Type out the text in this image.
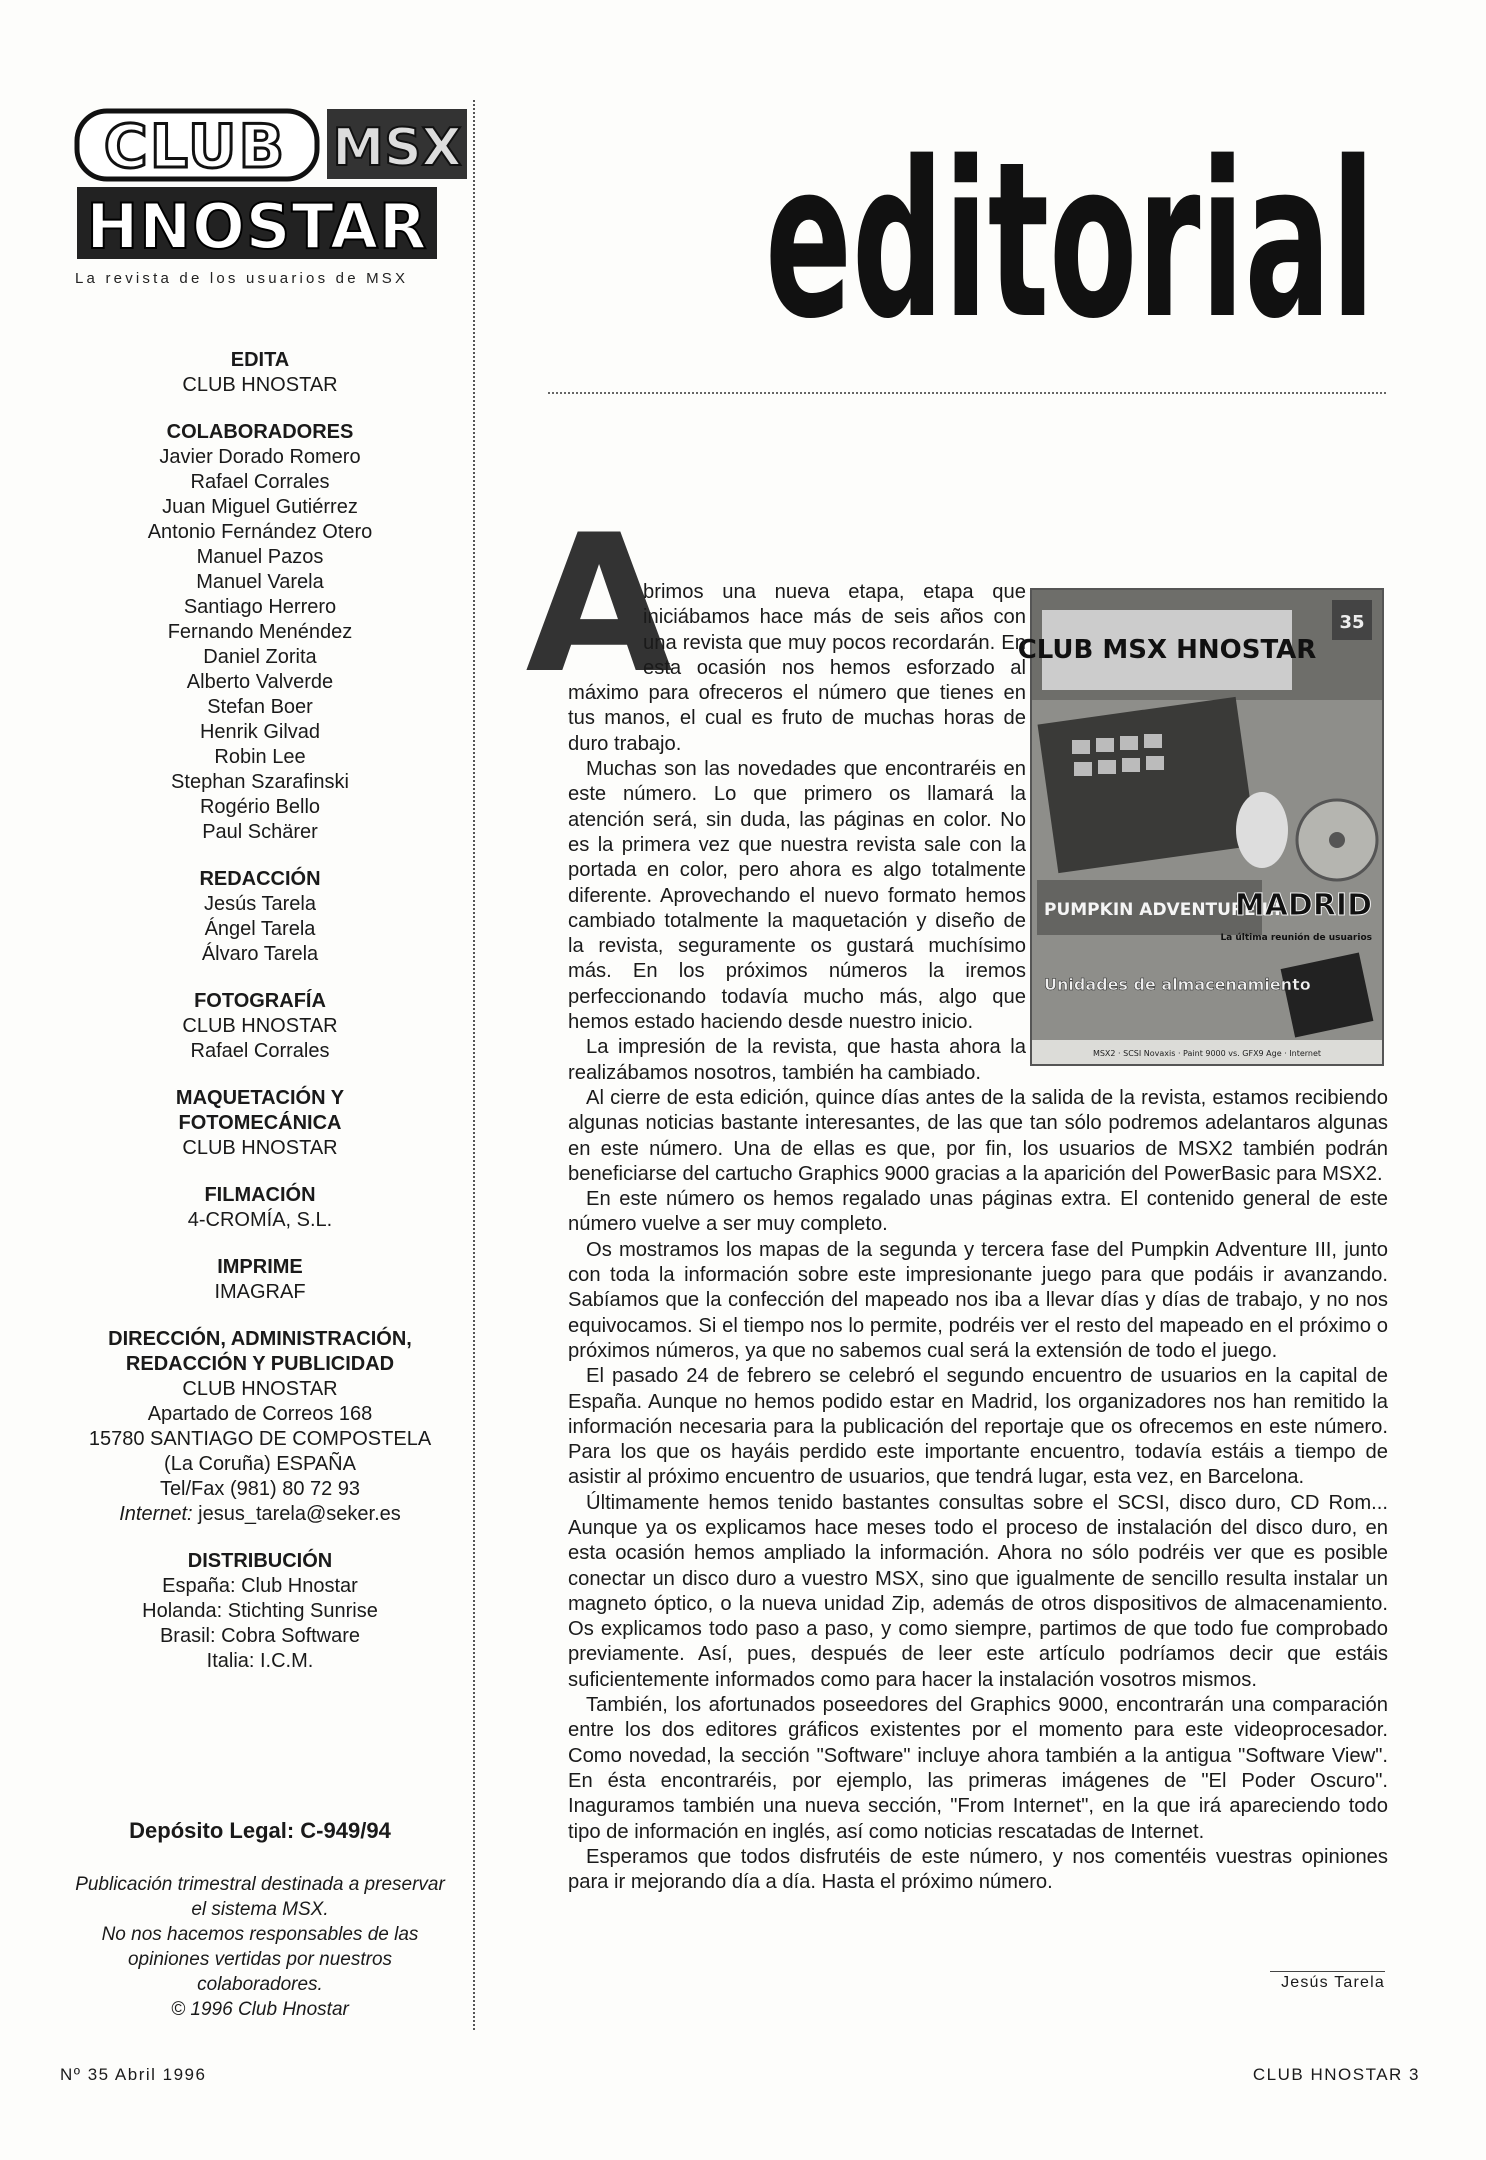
CLUB MSX
HNOSTAR
La revista de los usuarios de MSX editorial
EDITA
CLUB HNOSTAR
COLABORADORES
Javier Dorado Romero
Rafael Corrales
Juan Miguel Gutiérrez
Antonio Fernández Otero
Manuel Pazos
Manuel Varela
Santiago Herrero
Fernando Menéndez
Daniel Zorita
Alberto Valverde
Stefan Boer
Henrik Gilvad
Robin Lee
Stephan Szarafinski
Rogério Bello
Paul Schärer
REDACCIÓN
Jesús Tarela
Ángel Tarela
Álvaro Tarela
FOTOGRAFÍA
CLUB HNOSTAR
Rafael Corrales
MAQUETACIÓN Y FOTOMECÁNICA
CLUB HNOSTAR
FILMACIÓN
4-CROMÍA, S.L.
IMPRIME
IMAGRAF
DIRECCIÓN, ADMINISTRACIÓN, REDACCIÓN Y PUBLICIDAD
CLUB HNOSTAR
Apartado de Correos 168
15780 SANTIAGO DE COMPOSTELA
(La Coruña) ESPAÑA
Tel/Fax (981) 80 72 93
Internet: jesus_tarela@seker.es
DISTRIBUCIÓN
España: Club Hnostar
Holanda: Stichting Sunrise
Brasil: Cobra Software
Italia: I.C.M.
Depósito Legal: C-949/94
Publicación trimestral destinada a preservar
el sistema MSX.
No nos hacemos responsables de las
opiniones vertidas por nuestros
colaboradores.
© 1996 Club Hnostar
A	CLUB MSX HNOSTAR
35
PUMPKIN ADVENTURE III
MADRID
La última reunión de usuarios
Unidades de almacenamiento
MSX2 · SCSI Novaxis · Paint 9000 vs. GFX9 Age · Internet

brimos una nueva etapa, etapa que iniciábamos hace más de seis años con una revista que muy pocos recordarán. En esta ocasión nos hemos esforzado al máximo para ofreceros el número que tienes en tus manos, el cual es fruto de muchas horas de duro trabajo.

Muchas son las novedades que encontraréis en este número. Lo que primero os llamará la atención será, sin duda, las páginas en color. No es la primera vez que nuestra revista sale con la portada en color, pero ahora es algo totalmente diferente. Aprovechando el nuevo formato hemos cambiado totalmente la maquetación y diseño de la revista, seguramente os gustará muchísimo más. En los próximos números la iremos perfeccionando todavía mucho más, algo que hemos estado haciendo desde nuestro inicio.

La impresión de la revista, que hasta ahora la realizábamos nosotros, también ha cambiado.

Al cierre de esta edición, quince días antes de la salida de la revista, estamos recibiendo algunas noticias bastante interesantes, de las que tan sólo podremos adelantaros algunas en este número. Una de ellas es que, por fin, los usuarios de MSX2 también podrán beneficiarse del cartucho Graphics 9000 gracias a la aparición del PowerBasic para MSX2.

En este número os hemos regalado unas páginas extra. El contenido general de este número vuelve a ser muy completo.

Os mostramos los mapas de la segunda y tercera fase del Pumpkin Adventure III, junto con toda la información sobre este impresionante juego para que podáis ir avanzando. Sabíamos que la confección del mapeado nos iba a llevar días y días de trabajo, y no nos equivocamos. Si el tiempo nos lo permite, podréis ver el resto del mapeado en el próximo o próximos números, ya que no sabemos cual será la extensión de todo el juego.

El pasado 24 de febrero se celebró el segundo encuentro de usuarios en la capital de España. Aunque no hemos podido estar en Madrid, los organizadores nos han remitido la información necesaria para la publicación del reportaje que os ofrecemos en este número. Para los que os hayáis perdido este importante encuentro, todavía estáis a tiempo de asistir al próximo encuentro de usuarios, que tendrá lugar, esta vez, en Barcelona.

Últimamente hemos tenido bastantes consultas sobre el SCSI, disco duro, CD Rom... Aunque ya os explicamos hace meses todo el proceso de instalación del disco duro, en esta ocasión hemos ampliado la información. Ahora no sólo podréis ver que es posible conectar un disco duro a vuestro MSX, sino que igualmente de sencillo resulta instalar un magneto óptico, o la nueva unidad Zip, además de otros dispositivos de almacenamiento. Os explicamos todo paso a paso, y como siempre, partimos de que todo fue comprobado previamente. Así, pues, después de leer este artículo podríamos decir que estáis suficientemente informados como para hacer la instalación vosotros mismos.

También, los afortunados poseedores del Graphics 9000, encontrarán una comparación entre los dos editores gráficos existentes por el momento para este videoprocesador. Como novedad, la sección "Software" incluye ahora también a la antigua "Software View". En ésta encontraréis, por ejemplo, las primeras imágenes de "El Poder Oscuro". Inaguramos también una nueva sección, "From Internet", en la que irá apareciendo todo tipo de información en inglés, así como noticias rescatadas de Internet.

Esperamos que todos disfrutéis de este número, y nos comentéis vuestras opiniones para ir mejorando día a día. Hasta el próximo número.

Jesús Tarela
Nº 35 Abril 1996	CLUB HNOSTAR 3
